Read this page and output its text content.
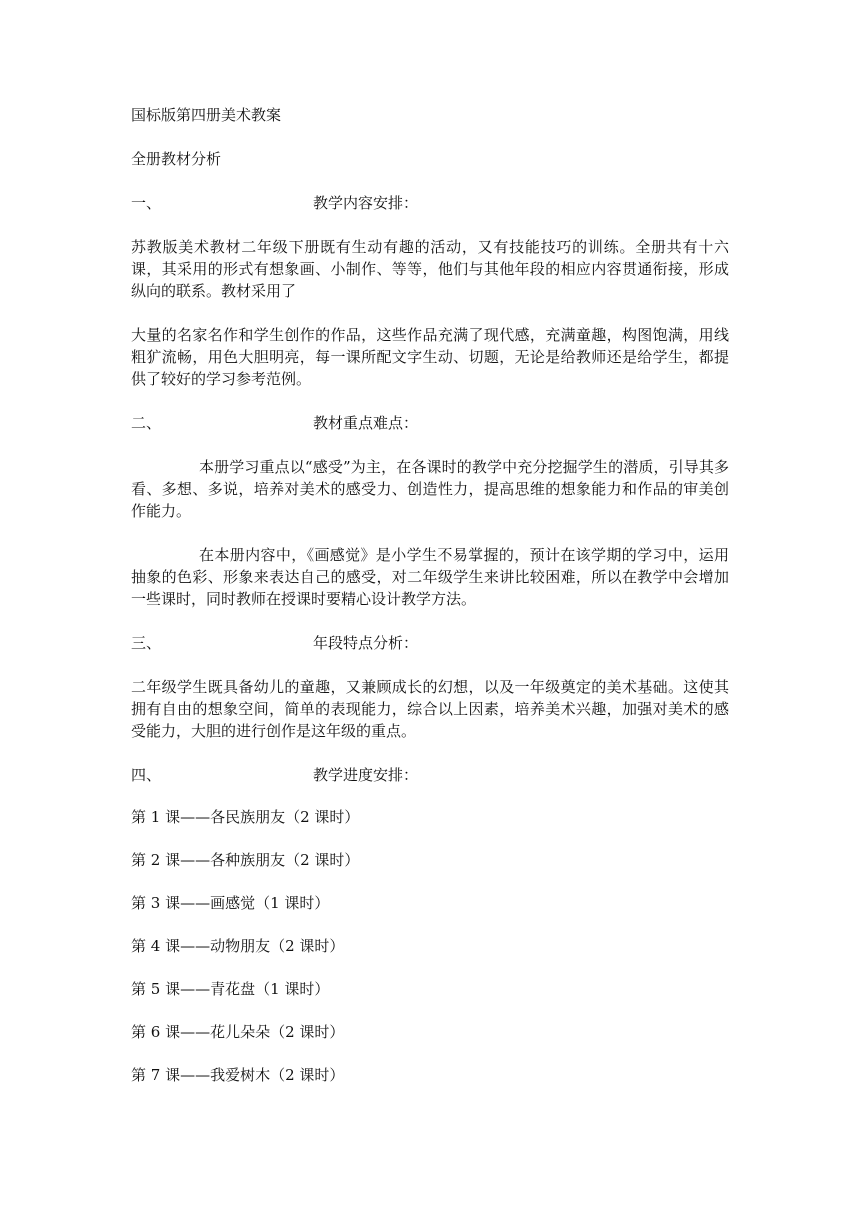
国标版第四册美术教案
全册教材分析
一、	教学内容安排：
苏教版美术教材二年级下册既有生动有趣的活动，又有技能技巧的训练。全册共有十六课，其采用的形式有想象画、小制作、等等，他们与其他年段的相应内容贯通衔接，形成纵向的联系。教材采用了
大量的名家名作和学生创作的作品，这些作品充满了现代感，充满童趣，构图饱满，用线粗犷流畅，用色大胆明亮，每一课所配文字生动、切题，无论是给教师还是给学生，都提供了较好的学习参考范例。
二、	教材重点难点：
本册学习重点以“感受”为主，在各课时的教学中充分挖掘学生的潜质，引导其多看、多想、多说，培养对美术的感受力、创造性力，提高思维的想象能力和作品的审美创作能力。
在本册内容中，《画感觉》是小学生不易掌握的，预计在该学期的学习中，运用抽象的色彩、形象来表达自己的感受，对二年级学生来讲比较困难，所以在教学中会增加一些课时，同时教师在授课时要精心设计教学方法。
三、	年段特点分析：
二年级学生既具备幼儿的童趣，又兼顾成长的幻想，以及一年级奠定的美术基础。这使其拥有自由的想象空间，简单的表现能力，综合以上因素，培养美术兴趣，加强对美术的感受能力，大胆的进行创作是这年级的重点。
四、	教学进度安排：
第 1 课——各民族朋友（2 课时）
第 2 课——各种族朋友（2 课时）
第 3 课——画感觉（1 课时）
第 4 课——动物朋友（2 课时）
第 5 课——青花盘（1 课时）
第 6 课——花儿朵朵（2 课时）
第 7 课——我爱树木（2 课时）
